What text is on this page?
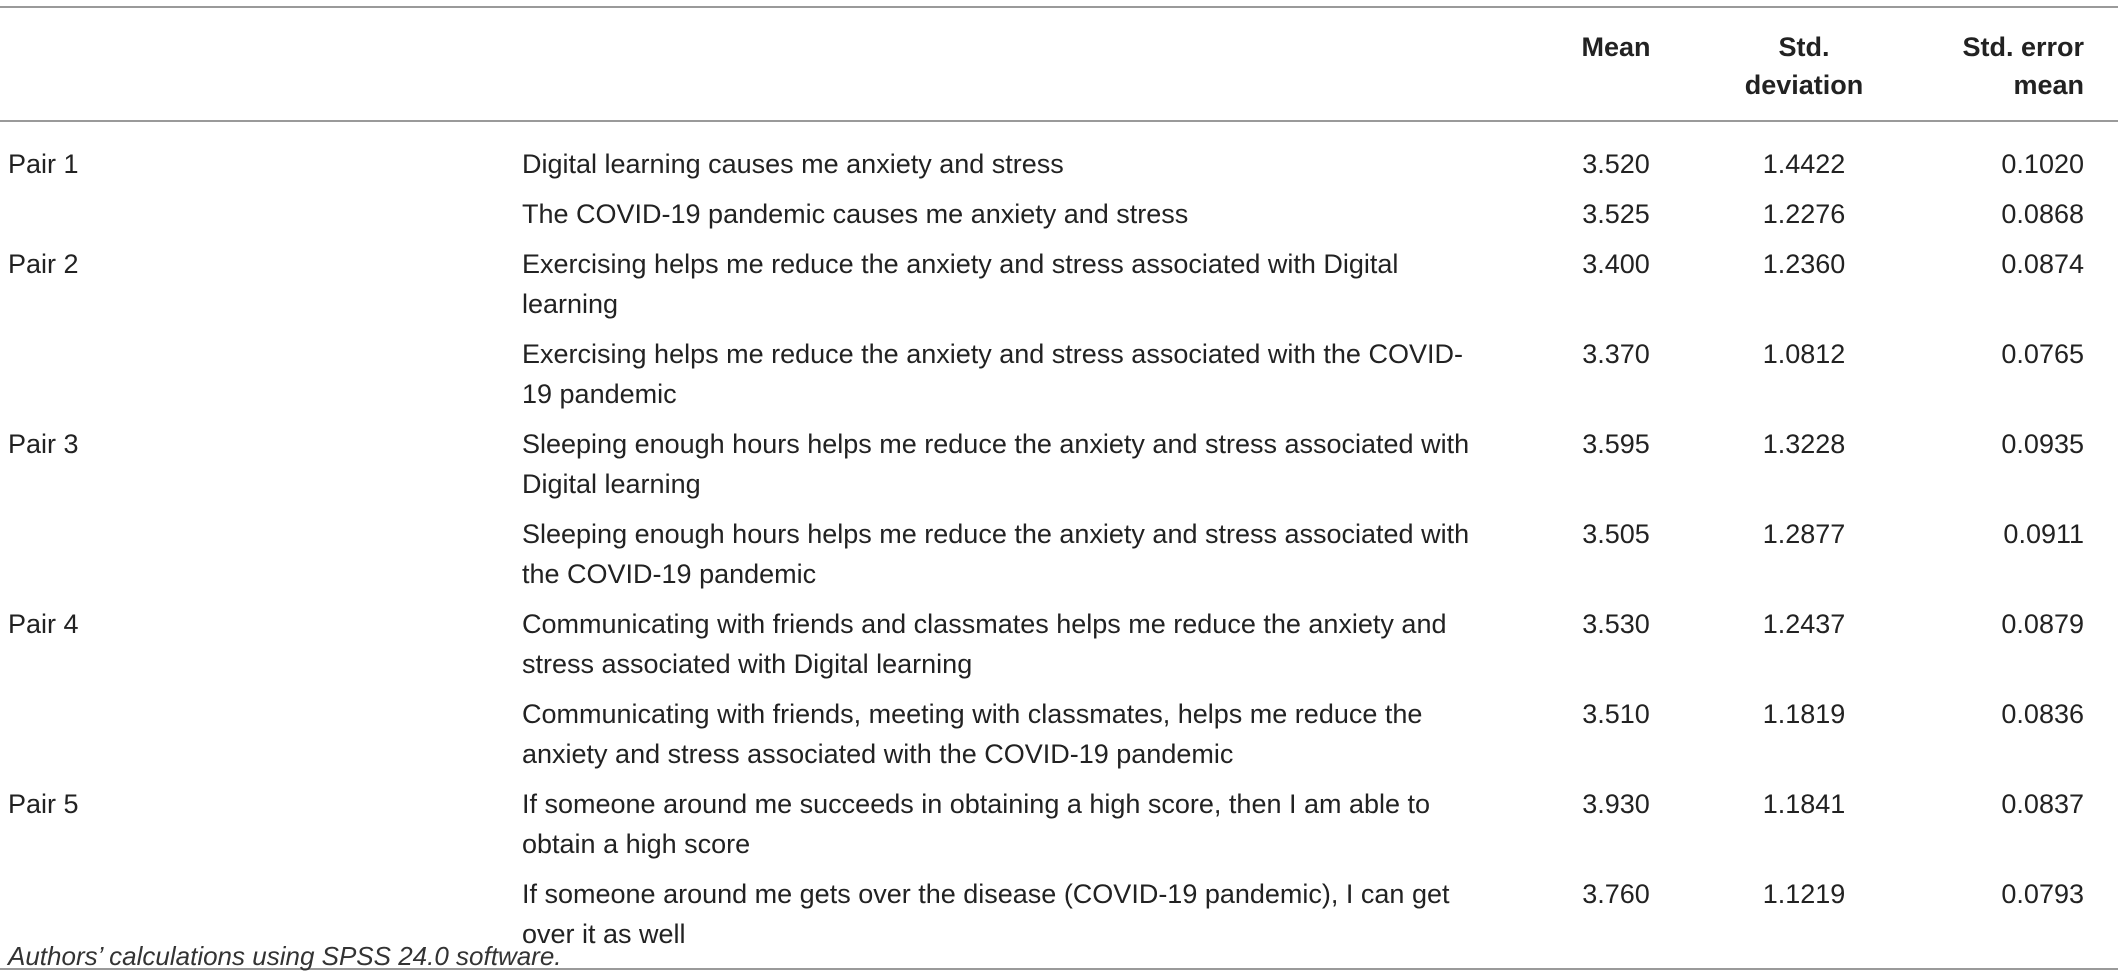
		Mean	Std. deviation	Std. error mean
Pair 1	Digital learning causes me anxiety and stress	3.520	1.4422	0.1020
	The COVID-19 pandemic causes me anxiety and stress	3.525	1.2276	0.0868
Pair 2	Exercising helps me reduce the anxiety and stress associated with Digital learning	3.400	1.2360	0.0874
	Exercising helps me reduce the anxiety and stress associated with the COVID-19 pandemic	3.370	1.0812	0.0765
Pair 3	Sleeping enough hours helps me reduce the anxiety and stress associated with Digital learning	3.595	1.3228	0.0935
	Sleeping enough hours helps me reduce the anxiety and stress associated with the COVID-19 pandemic	3.505	1.2877	0.0911
Pair 4	Communicating with friends and classmates helps me reduce the anxiety and stress associated with Digital learning	3.530	1.2437	0.0879
	Communicating with friends, meeting with classmates, helps me reduce the anxiety and stress associated with the COVID-19 pandemic	3.510	1.1819	0.0836
Pair 5	If someone around me succeeds in obtaining a high score, then I am able to obtain a high score	3.930	1.1841	0.0837
	If someone around me gets over the disease (COVID-19 pandemic), I can get over it as well	3.760	1.1219	0.0793
Authors’ calculations using SPSS 24.0 software.
